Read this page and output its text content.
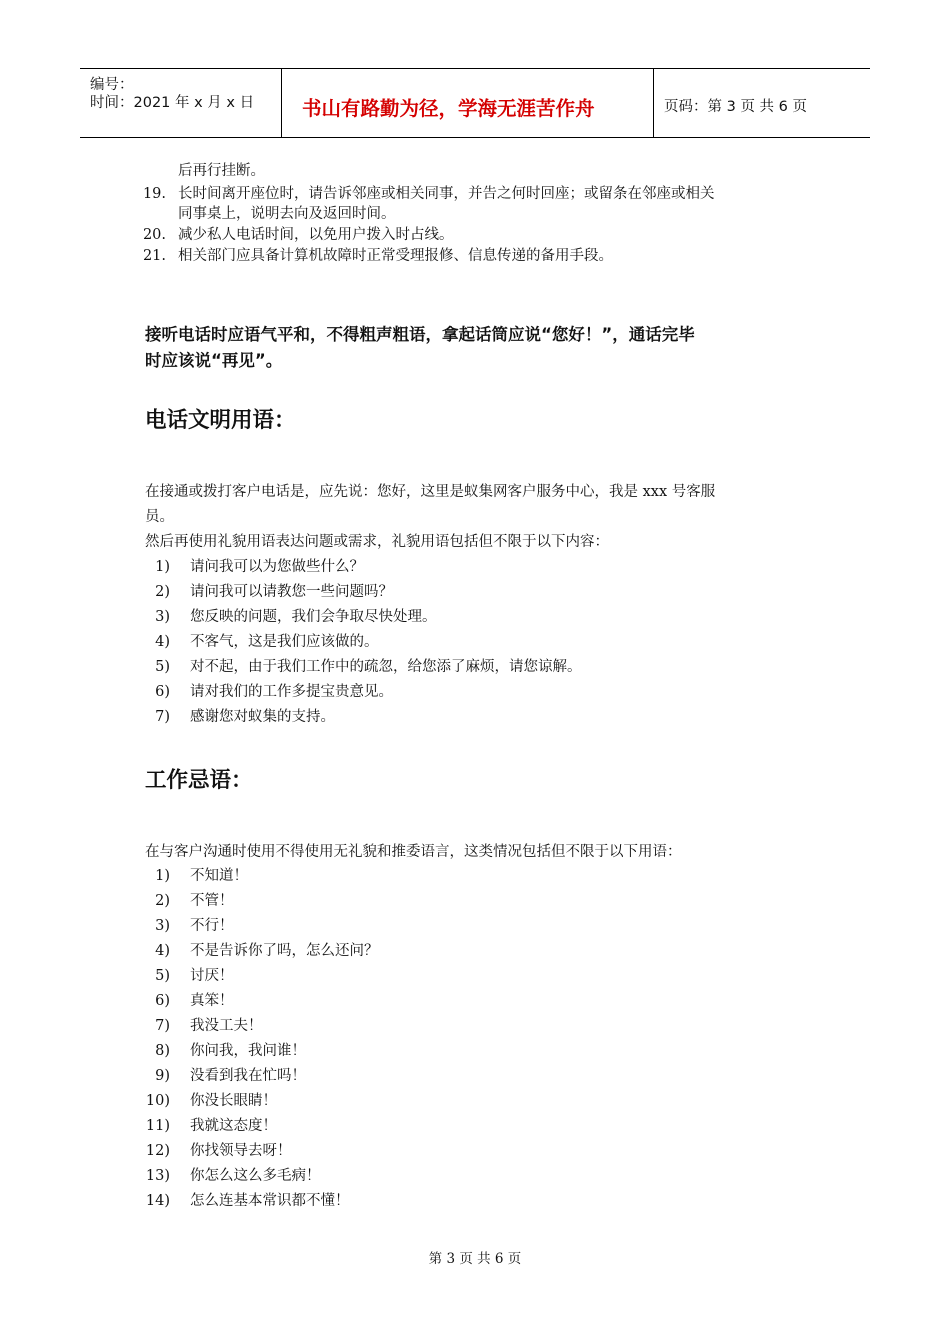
编号：
时间：2021 年 x 月 x 日 书山有路勤为径，学海无涯苦作舟	页码：第 3 页 共 6 页
后再行挂断。
19. 长时间离开座位时，请告诉邻座或相关同事，并告之何时回座；或留条在邻座或相关
同事桌上，说明去向及返回时间。
20. 减少私人电话时间，以免用户拨入时占线。
21. 相关部门应具备计算机故障时正常受理报修、信息传递的备用手段。
接听电话时应语气平和，不得粗声粗语，拿起话筒应说“您好！”，通话完毕
时应该说“再见”。
电话文明用语：
在接通或拨打客户电话是，应先说：您好，这里是蚁集网客户服务中心，我是 xxx 号客服
员。
然后再使用礼貌用语表达问题或需求，礼貌用语包括但不限于以下内容：
1) 请问我可以为您做些什么？
2) 请问我可以请教您一些问题吗？
3) 您反映的问题，我们会争取尽快处理。
4) 不客气，这是我们应该做的。
5) 对不起，由于我们工作中的疏忽，给您添了麻烦，请您谅解。
6) 请对我们的工作多提宝贵意见。
7) 感谢您对蚁集的支持。
工作忌语：
在与客户沟通时使用不得使用无礼貌和推委语言，这类情况包括但不限于以下用语：
1) 不知道！
2) 不管！
3) 不行！
4) 不是告诉你了吗，怎么还问？
5) 讨厌！
6) 真笨！
7) 我没工夫！
8) 你问我，我问谁！
9) 没看到我在忙吗！
10) 你没长眼睛！
11) 我就这态度！
12) 你找领导去呀！
13) 你怎么这么多毛病！
14) 怎么连基本常识都不懂！
第 3 页 共 6 页
